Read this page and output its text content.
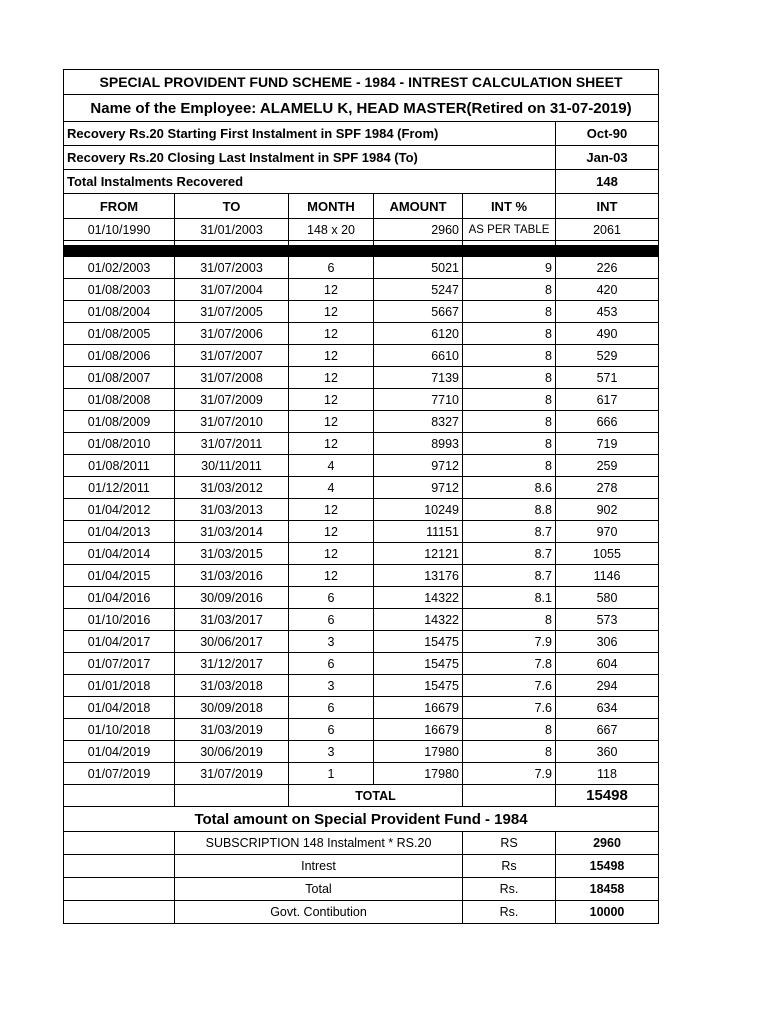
SPECIAL PROVIDENT FUND SCHEME - 1984 - INTREST CALCULATION SHEET					
Name of the Employee: ALAMELU K, HEAD MASTER(Retired on 31-07-2019)					
Recovery Rs.20 Starting First Instalment in SPF 1984 (From)					Oct-90
Recovery Rs.20 Closing Last Instalment in SPF 1984 (To)					Jan-03
Total Instalments Recovered					148
FROM	TO	MONTH	AMOUNT	INT %	INT
01/10/1990	31/01/2003	148 x 20	2960	AS PER TABLE	2061

01/02/2003	31/07/2003	6	5021	9	226
01/08/2003	31/07/2004	12	5247	8	420
01/08/2004	31/07/2005	12	5667	8	453
01/08/2005	31/07/2006	12	6120	8	490
01/08/2006	31/07/2007	12	6610	8	529
01/08/2007	31/07/2008	12	7139	8	571
01/08/2008	31/07/2009	12	7710	8	617
01/08/2009	31/07/2010	12	8327	8	666
01/08/2010	31/07/2011	12	8993	8	719
01/08/2011	30/11/2011	4	9712	8	259
01/12/2011	31/03/2012	4	9712	8.6	278
01/04/2012	31/03/2013	12	10249	8.8	902
01/04/2013	31/03/2014	12	11151	8.7	970
01/04/2014	31/03/2015	12	12121	8.7	1055
01/04/2015	31/03/2016	12	13176	8.7	1146
01/04/2016	30/09/2016	6	14322	8.1	580
01/10/2016	31/03/2017	6	14322	8	573
01/04/2017	30/06/2017	3	15475	7.9	306
01/07/2017	31/12/2017	6	15475	7.8	604
01/01/2018	31/03/2018	3	15475	7.6	294
01/04/2018	30/09/2018	6	16679	7.6	634
01/10/2018	31/03/2019	6	16679	8	667
01/04/2019	30/06/2019	3	17980	8	360
01/07/2019	31/07/2019	1	17980	7.9	118
		TOTAL			15498
Total amount on Special Provident Fund - 1984					
	SUBSCRIPTION 148 Instalment * RS.20			RS	2960
	Intrest			Rs	15498
	Total			Rs.	18458
	Govt. Contibution			Rs.	10000
